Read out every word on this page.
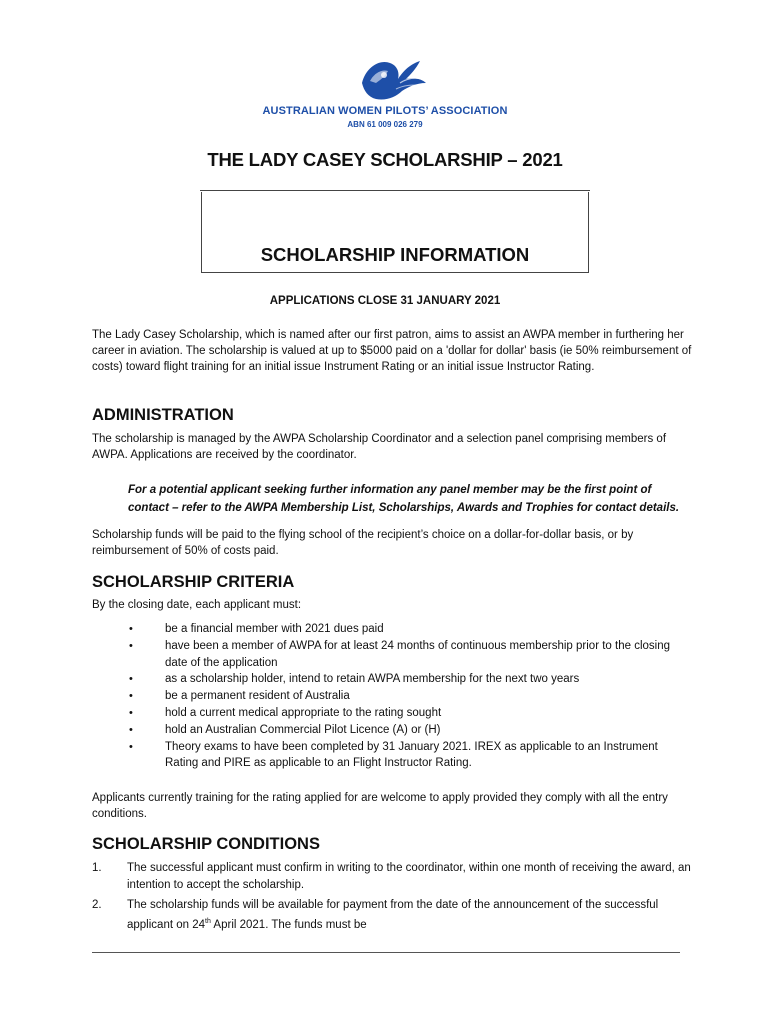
AUSTRALIAN WOMEN PILOTS’ ASSOCIATION
ABN 61 009 026 279
THE LADY CASEY SCHOLARSHIP – 2021
SCHOLARSHIP INFORMATION
APPLICATIONS CLOSE 31 JANUARY 2021

The Lady Casey Scholarship, which is named after our first patron, aims to assist an AWPA member in furthering her career in aviation. The scholarship is valued at up to $5000 paid on a 'dollar for dollar' basis (ie 50% reimbursement of costs) toward flight training for an initial issue Instrument Rating or an initial issue Instructor Rating.

ADMINISTRATION

The scholarship is managed by the AWPA Scholarship Coordinator and a selection panel comprising members of AWPA. Applications are received by the coordinator.

For a potential applicant seeking further information any panel member may be the first point of contact – refer to the AWPA Membership List, Scholarships, Awards and Trophies for contact details.

Scholarship funds will be paid to the flying school of the recipient’s choice on a dollar-for-dollar basis, or by reimbursement of 50% of costs paid.

SCHOLARSHIP CRITERIA

By the closing date, each applicant must:

•	be a financial member with 2021 dues paid
•	have been a member of AWPA for at least 24 months of continuous membership prior to the closing date of the application
•	as a scholarship holder, intend to retain AWPA membership for the next two years
•	be a permanent resident of Australia
•	hold a current medical appropriate to the rating sought
•	hold an Australian Commercial Pilot Licence (A) or (H)
•	Theory exams to have been completed by 31 January 2021. IREX as applicable to an Instrument Rating and PIRE as applicable to an Flight Instructor Rating.

Applicants currently training for the rating applied for are welcome to apply provided they comply with all the entry conditions.

SCHOLARSHIP CONDITIONS
1. The successful applicant must confirm in writing to the coordinator, within one month of receiving the award, an intention to accept the scholarship.
2. The scholarship funds will be available for payment from the date of the announcement of the successful applicant on 24th April 2021. The funds must be
